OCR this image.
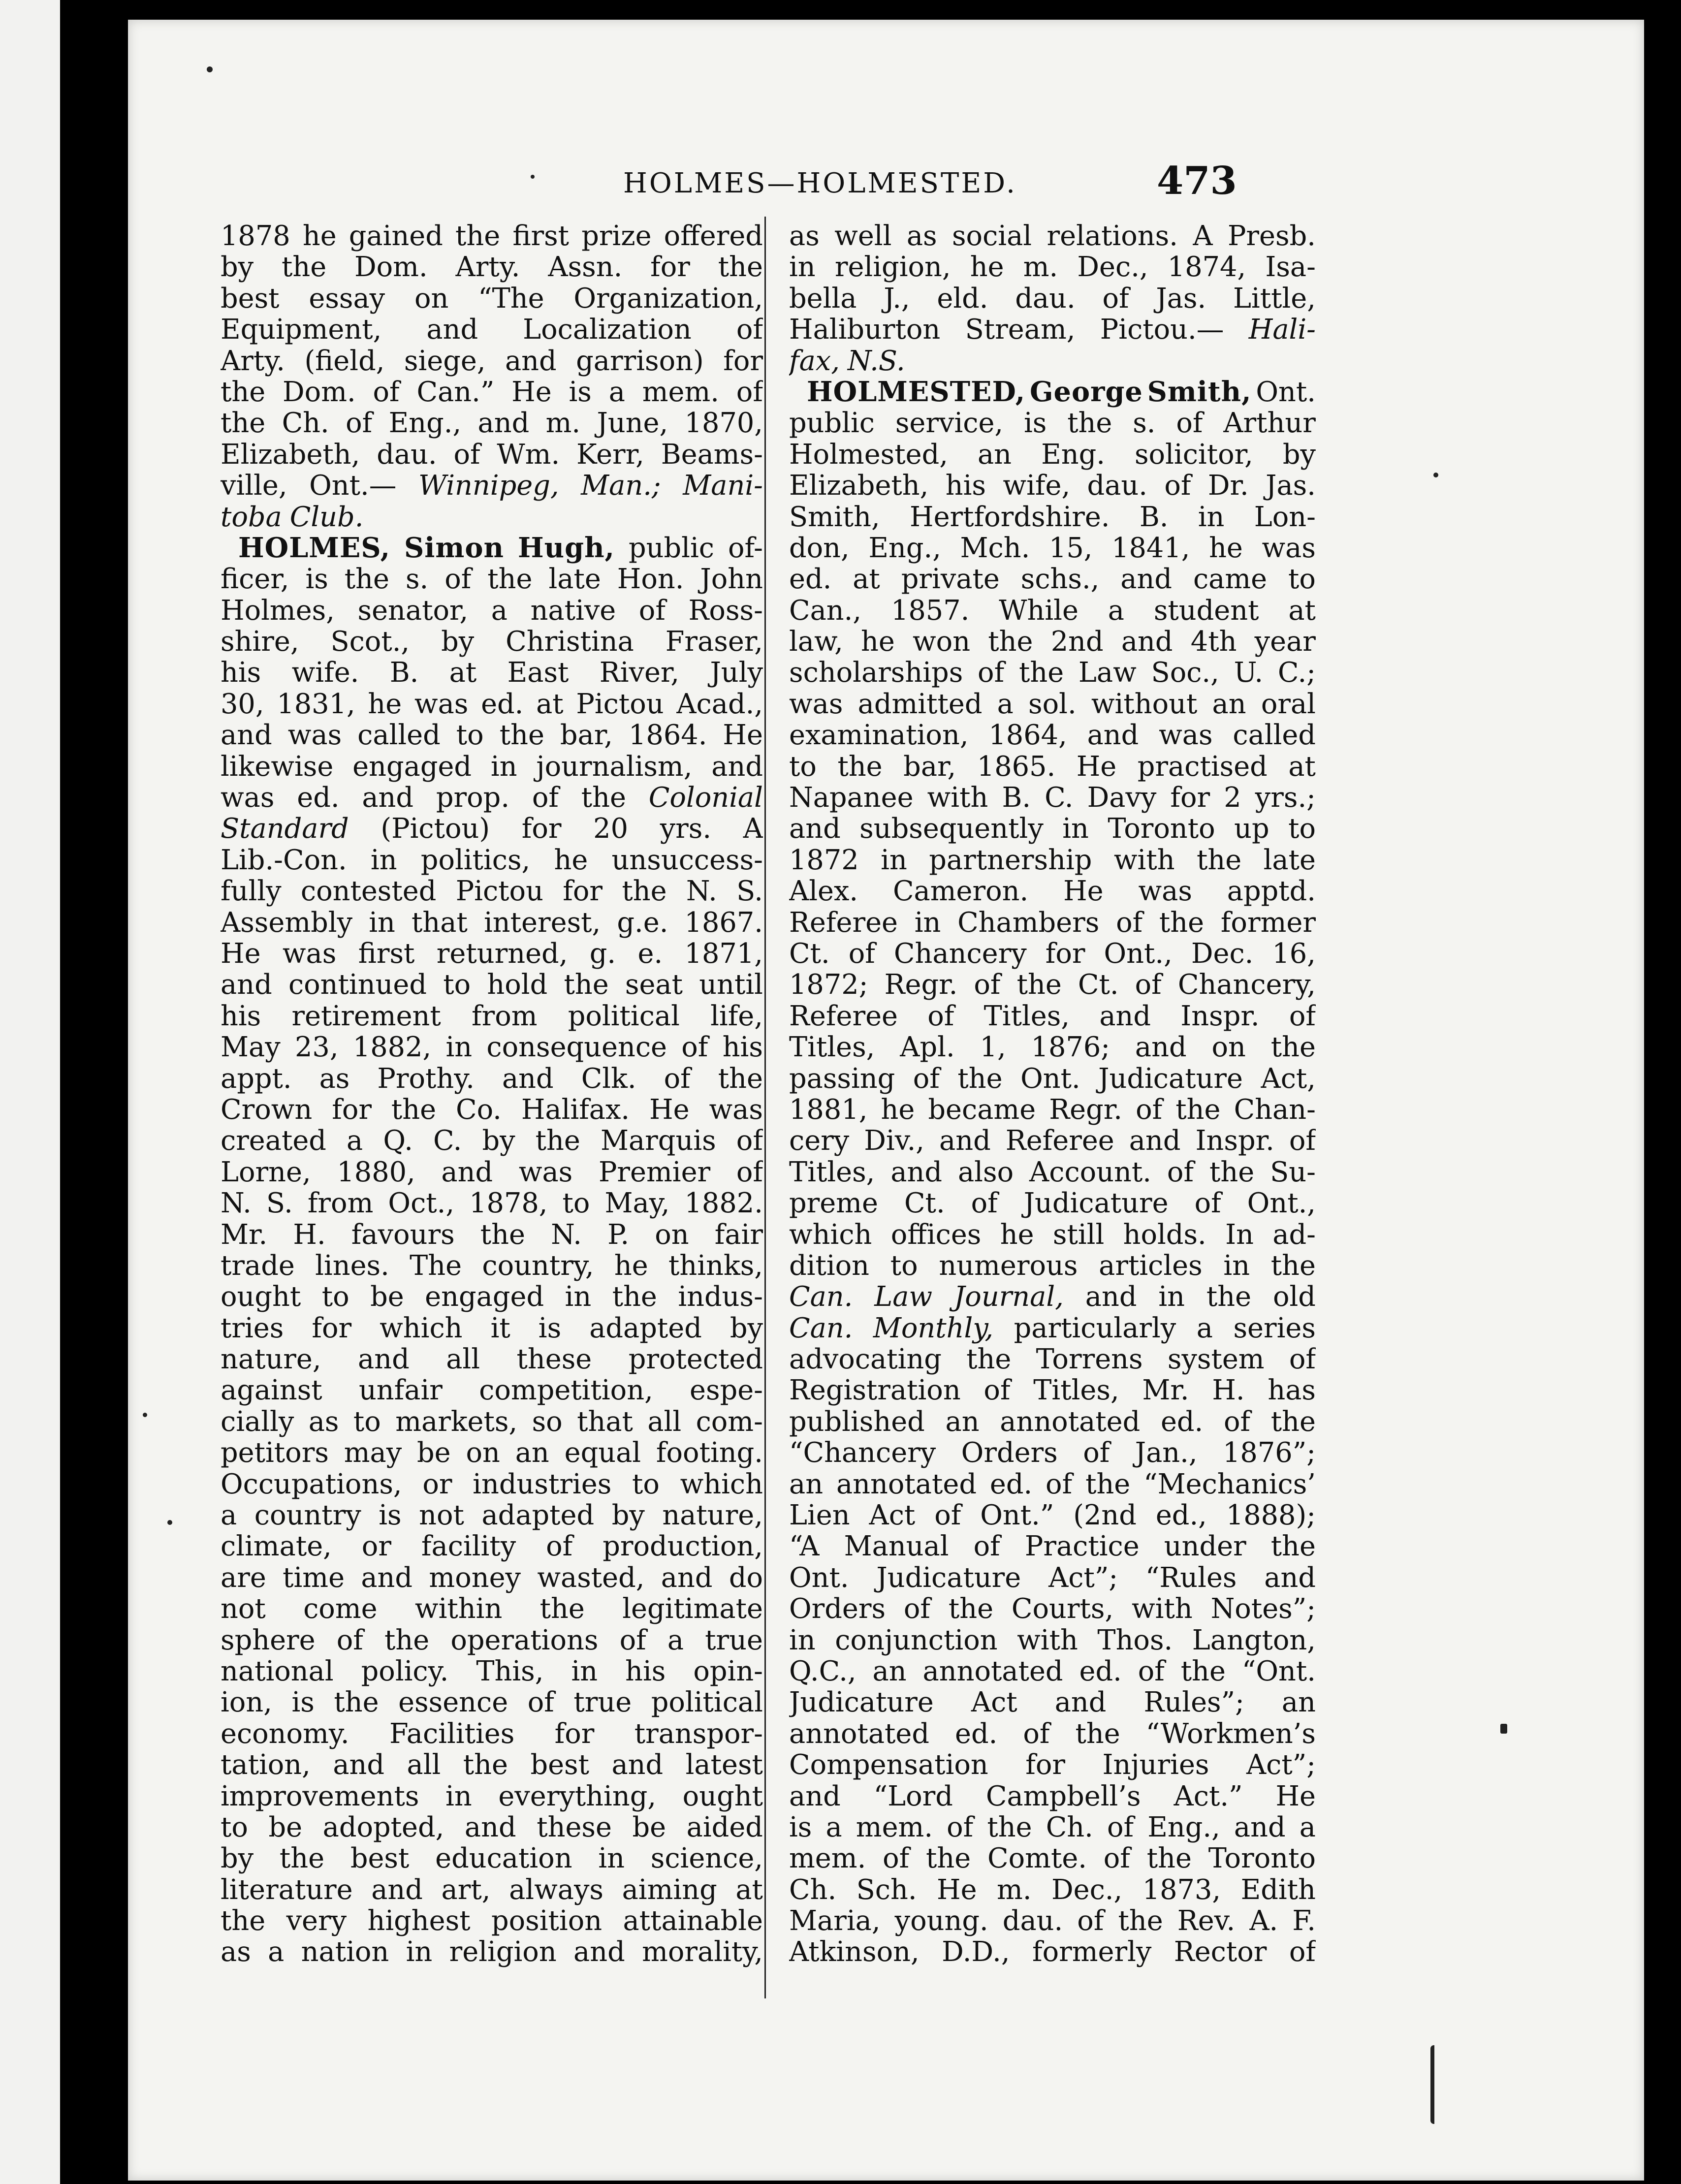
HOLMES—HOLMESTED.	473
1878 he gained the first prize offered
by the Dom. Arty. Assn. for the
best essay on “The Organization,
Equipment, and Localization of
Arty. (field, siege, and garrison) for
the Dom. of Can.” He is a mem. of
the Ch. of Eng., and m. June, 1870,
Elizabeth, dau. of Wm. Kerr, Beams-
ville, Ont.— Winnipeg, Man.; Mani-
toba Club.
HOLMES, Simon Hugh, public of-
ficer, is the s. of the late Hon. John
Holmes, senator, a native of Ross-
shire, Scot., by Christina Fraser,
his wife. B. at East River, July
30, 1831, he was ed. at Pictou Acad.,
and was called to the bar, 1864. He
likewise engaged in journalism, and
was ed. and prop. of the Colonial
Standard (Pictou) for 20 yrs. A
Lib.-Con. in politics, he unsuccess-
fully contested Pictou for the N. S.
Assembly in that interest, g.e. 1867.
He was first returned, g. e. 1871,
and continued to hold the seat until
his retirement from political life,
May 23, 1882, in consequence of his
appt. as Prothy. and Clk. of the
Crown for the Co. Halifax. He was
created a Q. C. by the Marquis of
Lorne, 1880, and was Premier of
N. S. from Oct., 1878, to May, 1882.
Mr. H. favours the N. P. on fair
trade lines. The country, he thinks,
ought to be engaged in the indus-
tries for which it is adapted by
nature, and all these protected
against unfair competition, espe-
cially as to markets, so that all com-
petitors may be on an equal footing.
Occupations, or industries to which
a country is not adapted by nature,
climate, or facility of production,
are time and money wasted, and do
not come within the legitimate
sphere of the operations of a true
national policy. This, in his opin-
ion, is the essence of true political
economy. Facilities for transpor-
tation, and all the best and latest
improvements in everything, ought
to be adopted, and these be aided
by the best education in science,
literature and art, always aiming at
the very highest position attainable
as a nation in religion and morality,
as well as social relations. A Presb.
in religion, he m. Dec., 1874, Isa-
bella J., eld. dau. of Jas. Little,
Haliburton Stream, Pictou.— Hali-
fax, N.S.
HOLMESTED, George Smith, Ont.
public service, is the s. of Arthur
Holmested, an Eng. solicitor, by
Elizabeth, his wife, dau. of Dr. Jas.
Smith, Hertfordshire. B. in Lon-
don, Eng., Mch. 15, 1841, he was
ed. at private schs., and came to
Can., 1857. While a student at
law, he won the 2nd and 4th year
scholarships of the Law Soc., U. C.;
was admitted a sol. without an oral
examination, 1864, and was called
to the bar, 1865. He practised at
Napanee with B. C. Davy for 2 yrs.;
and subsequently in Toronto up to
1872 in partnership with the late
Alex. Cameron. He was apptd.
Referee in Chambers of the former
Ct. of Chancery for Ont., Dec. 16,
1872; Regr. of the Ct. of Chancery,
Referee of Titles, and Inspr. of
Titles, Apl. 1, 1876; and on the
passing of the Ont. Judicature Act,
1881, he became Regr. of the Chan-
cery Div., and Referee and Inspr. of
Titles, and also Account. of the Su-
preme Ct. of Judicature of Ont.,
which offices he still holds. In ad-
dition to numerous articles in the
Can. Law Journal, and in the old
Can. Monthly, particularly a series
advocating the Torrens system of
Registration of Titles, Mr. H. has
published an annotated ed. of the
“Chancery Orders of Jan., 1876”;
an annotated ed. of the “Mechanics’
Lien Act of Ont.” (2nd ed., 1888);
“A Manual of Practice under the
Ont. Judicature Act”; “Rules and
Orders of the Courts, with Notes”;
in conjunction with Thos. Langton,
Q.C., an annotated ed. of the “Ont.
Judicature Act and Rules”; an
annotated ed. of the “Workmen’s
Compensation for Injuries Act”;
and “Lord Campbell’s Act.” He
is a mem. of the Ch. of Eng., and a
mem. of the Comte. of the Toronto
Ch. Sch. He m. Dec., 1873, Edith
Maria, young. dau. of the Rev. A. F.
Atkinson, D.D., formerly Rector of
